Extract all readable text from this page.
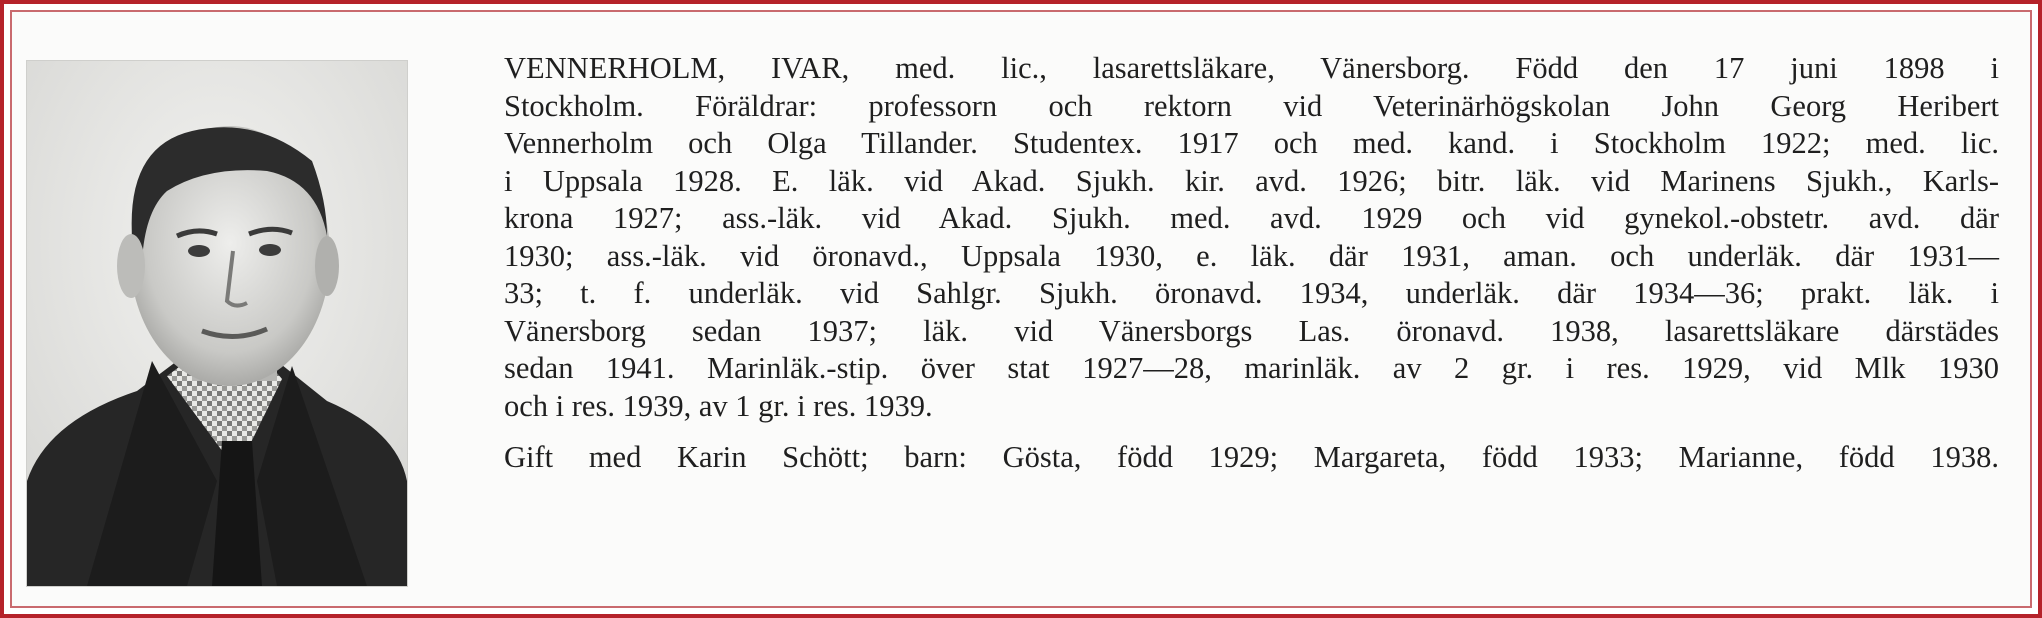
VENNERHOLM, IVAR, med. lic., lasarettsläkare, Vänersborg. Född den 17 juni 1898 i
Stockholm. Föräldrar: professorn och rektorn vid Veterinärhögskolan John Georg Heribert
Vennerholm och Olga Tillander. Studentex. 1917 och med. kand. i Stockholm 1922; med. lic.
i Uppsala 1928. E. läk. vid Akad. Sjukh. kir. avd. 1926; bitr. läk. vid Marinens Sjukh., Karls-
krona 1927; ass.-läk. vid Akad. Sjukh. med. avd. 1929 och vid gynekol.-obstetr. avd. där
1930; ass.-läk. vid öronavd., Uppsala 1930, e. läk. där 1931, aman. och underläk. där 1931—
33; t. f. underläk. vid Sahlgr. Sjukh. öronavd. 1934, underläk. där 1934—36; prakt. läk. i
Vänersborg sedan 1937; läk. vid Vänersborgs Las. öronavd. 1938, lasarettsläkare därstädes
sedan 1941. Marinläk.-stip. över stat 1927—28, marinläk. av 2 gr. i res. 1929, vid Mlk 1930
och i res. 1939, av 1 gr. i res. 1939.
Gift med Karin Schött; barn: Gösta, född 1929; Margareta, född 1933; Marianne, född 1938.
